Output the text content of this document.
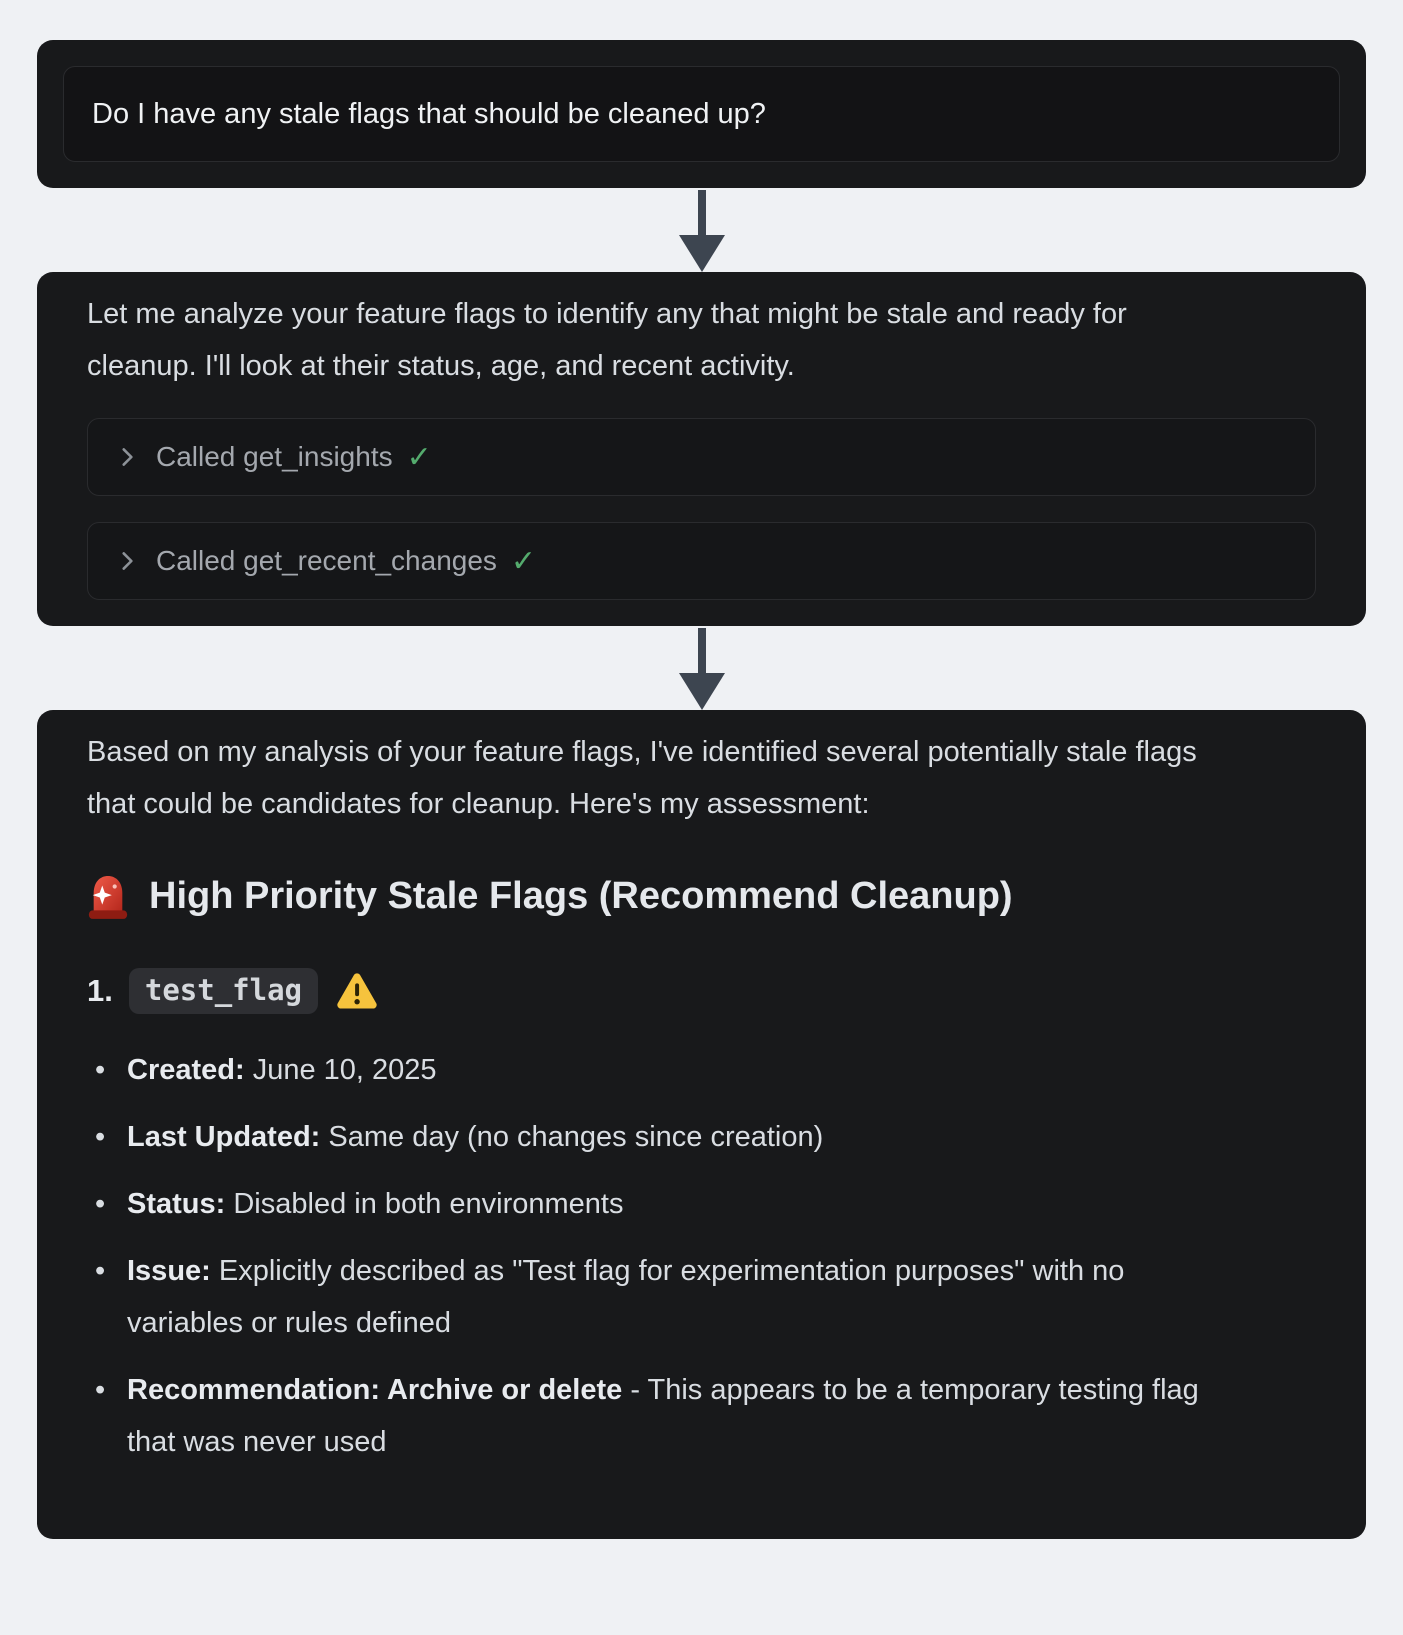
Do I have any stale flags that should be cleaned up?

Let me analyze your feature flags to identify any that might be stale and ready for cleanup. I'll look at their status, age, and recent activity.

Called get_insights ✓
Called get_recent_changes ✓

Based on my analysis of your feature flags, I've identified several potentially stale flags that could be candidates for cleanup. Here's my assessment:

High Priority Stale Flags (Recommend Cleanup)
1.	test_flag
• Created: June 10, 2025
• Last Updated: Same day (no changes since creation)
• Status: Disabled in both environments
• Issue: Explicitly described as "Test flag for experimentation purposes" with no variables or rules defined
• Recommendation: Archive or delete - This appears to be a temporary testing flag that was never used
